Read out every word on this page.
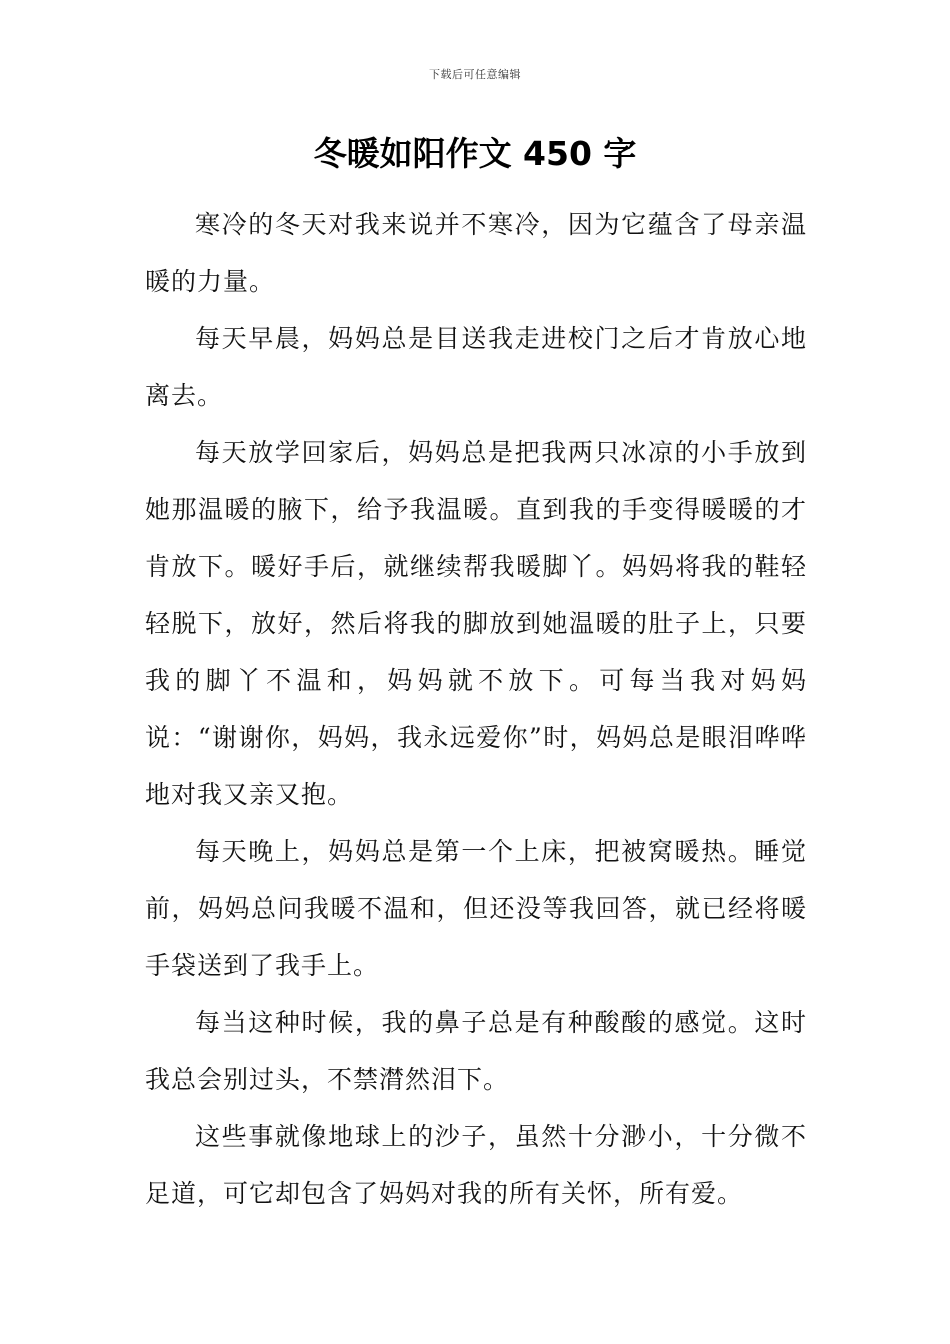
下载后可任意编辑
冬暖如阳作文 450 字

寒冷的冬天对我来说并不寒冷，因为它蕴含了母亲温暖的力量。

每天早晨，妈妈总是目送我走进校门之后才肯放心地离去。

每天放学回家后，妈妈总是把我两只冰凉的小手放到她那温暖的腋下，给予我温暖。直到我的手变得暖暖的才肯放下。暖好手后，就继续帮我暖脚丫。妈妈将我的鞋轻轻脱下，放好，然后将我的脚放到她温暖的肚子上，只要我的脚丫不温和，妈妈就不放下。可每当我对妈妈说：“谢谢你，妈妈，我永远爱你”时，妈妈总是眼泪哗哗地对我又亲又抱。

每天晚上，妈妈总是第一个上床，把被窝暖热。睡觉前，妈妈总问我暖不温和，但还没等我回答，就已经将暖手袋送到了我手上。

每当这种时候，我的鼻子总是有种酸酸的感觉。这时我总会别过头，不禁潸然泪下。

这些事就像地球上的沙子，虽然十分渺小，十分微不足道，可它却包含了妈妈对我的所有关怀，所有爱。
